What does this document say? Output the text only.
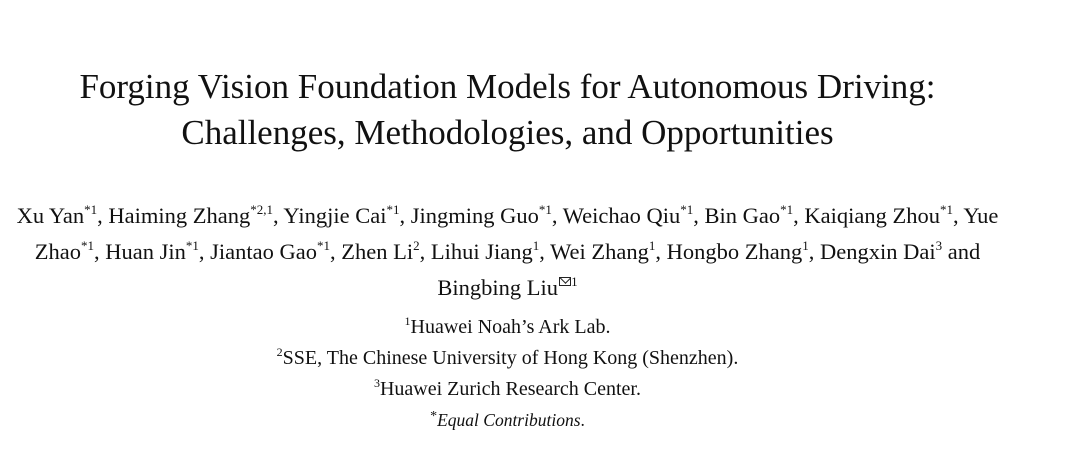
Forging Vision Foundation Models for Autonomous Driving:
Challenges, Methodologies, and Opportunities
Xu Yan$^{*1}$, Haiming Zhang$^{*2,1}$, Yingjie Cai$^{*1}$, Jingming Guo$^{*1}$, Weichao Qiu$^{*1}$, Bin Gao$^{*1}$, Kaiqiang Zhou$^{*1}$, Yue Zhao$^{*1}$, Huan Jin$^{*1}$, Jiantao Gao$^{*1}$, Zhen Li$^2$, Lihui Jiang$^1$, Wei Zhang$^1$, Hongbo Zhang$^1$, Dengxin Dai$^3$ and Bingbing Liu $^1$
$^1$Huawei Noah’s Ark Lab.
$^2$SSE, The Chinese University of Hong Kong (Shenzhen).
$^3$Huawei Zurich Research Center.
*Equal Contributions.
